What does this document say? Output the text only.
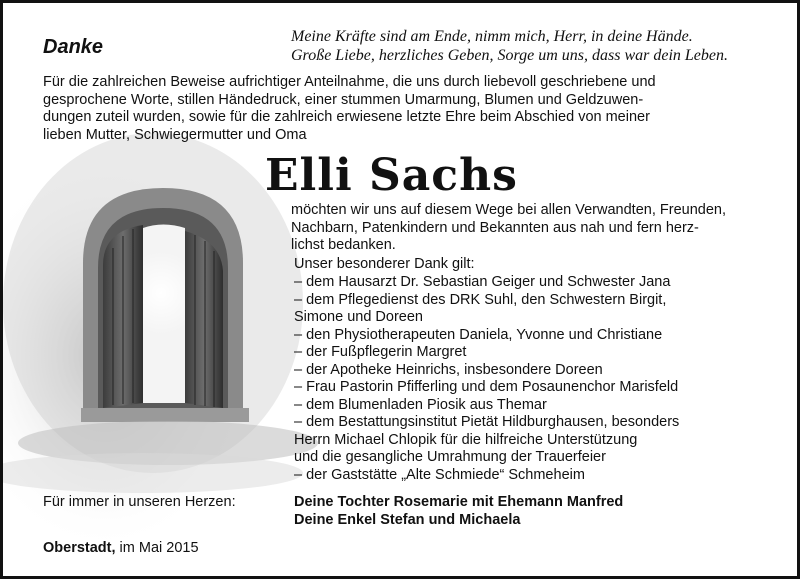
Danke	Meine Kräfte sind am Ende, nimm mich, Herr, in deine Hände.
Große Liebe, herzliches Geben, Sorge um uns, dass war dein Leben.
Für die zahlreichen Beweise aufrichtiger Anteilnahme, die uns durch liebevoll geschriebene und
gesprochene Worte, stillen Händedruck, einer stummen Umarmung, Blumen und Geldzuwen-
dungen zuteil wurden, sowie für die zahlreich erwiesene letzte Ehre beim Abschied von meiner
lieben Mutter, Schwiegermutter und Oma
Elli Sachs
möchten wir uns auf diesem Wege bei allen Verwandten, Freunden,
Nachbarn, Patenkindern und Bekannten aus nah und fern herz-
lichst bedanken.
Unser besonderer Dank gilt:
– dem Hausarzt Dr. Sebastian Geiger und Schwester Jana
– dem Pflegedienst des DRK Suhl, den Schwestern Birgit,
Simone und Doreen
– den Physiotherapeuten Daniela, Yvonne und Christiane
– der Fußpflegerin Margret
– der Apotheke Heinrichs, insbesondere Doreen
– Frau Pastorin Pfifferling und dem Posaunenchor Marisfeld
– dem Blumenladen Piosik aus Themar
– dem Bestattungsinstitut Pietät Hildburghausen, besonders
Herrn Michael Chlopik für die hilfreiche Unterstützung
und die gesangliche Umrahmung der Trauerfeier
– der Gaststätte „Alte Schmiede“ Schmeheim
Für immer in unseren Herzen:	Deine Tochter Rosemarie mit Ehemann Manfred
Deine Enkel Stefan und Michaela
Oberstadt, im Mai 2015
